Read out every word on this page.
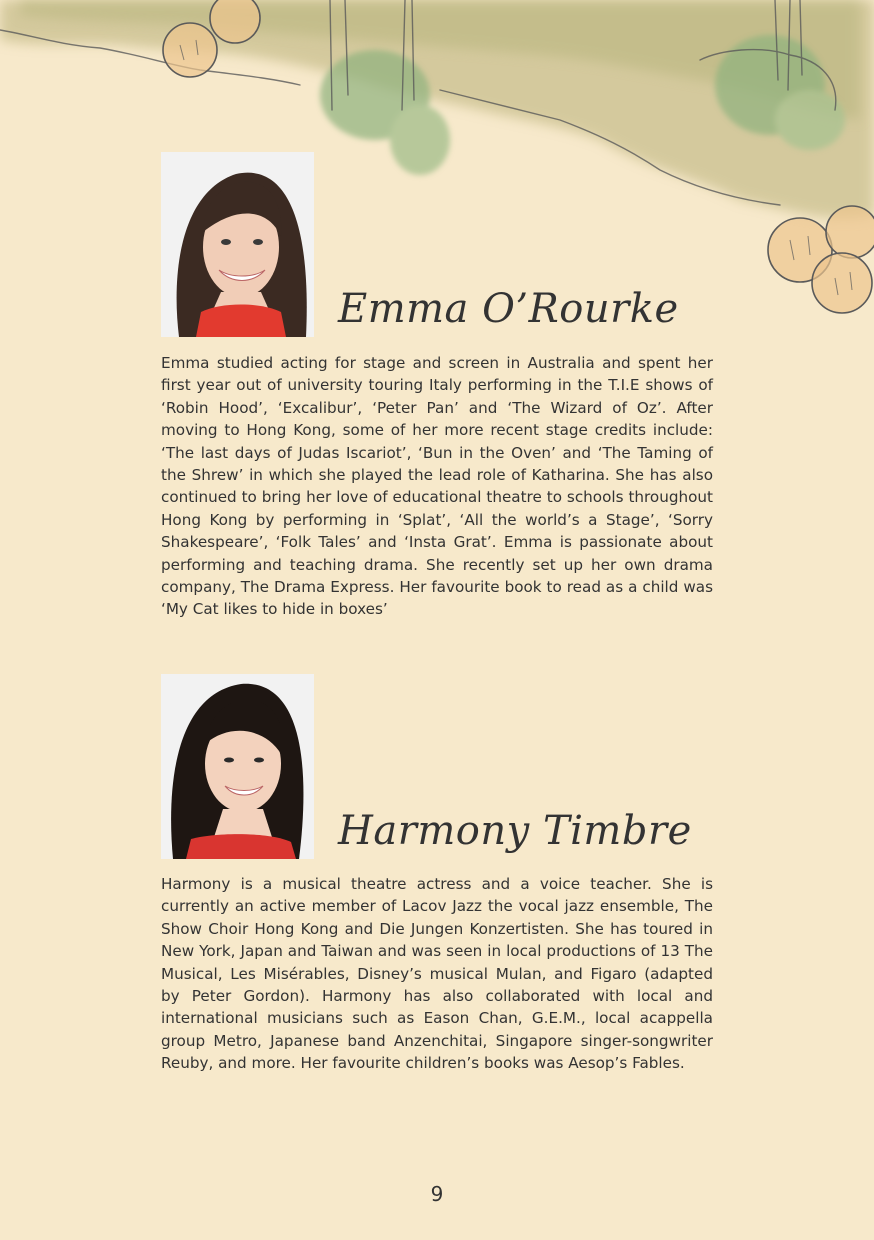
Emma O’Rourke

Emma studied acting for stage and screen in Australia and spent her first year out of university touring Italy performing in the T.I.E shows of ‘Robin Hood’, ‘Excalibur’, ‘Peter Pan’ and ‘The Wizard of Oz’. After moving to Hong Kong, some of her more recent stage credits include: ‘The last days of Judas Iscariot’, ‘Bun in the Oven’ and ‘The Taming of the Shrew’ in which she played the lead role of Katharina. She has also continued to bring her love of educational theatre to schools throughout Hong Kong by performing in ‘Splat’, ‘All the world’s a Stage’, ‘Sorry Shakespeare’, ‘Folk Tales’ and ‘Insta Grat’. Emma is passionate about performing and teaching drama. She recently set up her own drama company, The Drama Express. Her favourite book to read as a child was ‘My Cat likes to hide in boxes’

Harmony Timbre

Harmony is a musical theatre actress and a voice teacher. She is currently an active member of Lacov Jazz the vocal jazz ensemble, The Show Choir Hong Kong and Die Jungen Konzertisten. She has toured in New York, Japan and Taiwan and was seen in local productions of 13 The Musical, Les Misérables, Disney’s musical Mulan, and Figaro (adapted by Peter Gordon). Harmony has also collaborated with local and international musicians such as Eason Chan, G.E.M., local acappella group Metro, Japanese band Anzenchitai, Singapore singer-songwriter Reuby, and more. Her favourite children’s books was Aesop’s Fables.

9
